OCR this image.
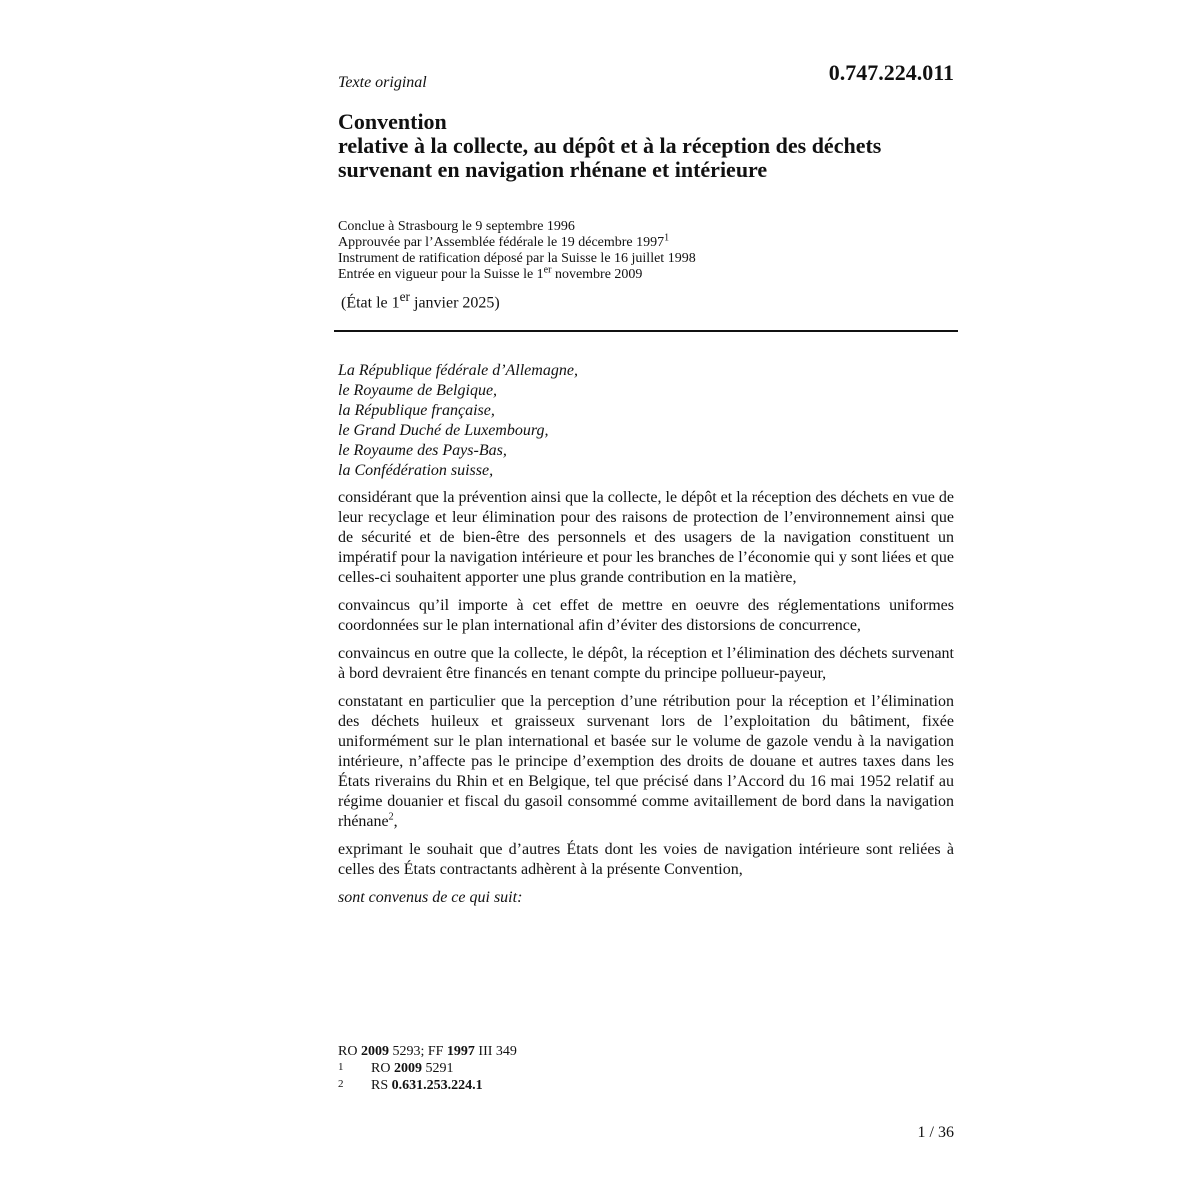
Texte original	0.747.224.011
Convention
relative à la collecte, au dépôt et à la réception des déchets
survenant en navigation rhénane et intérieure
Conclue à Strasbourg le 9 septembre 1996
Approuvée par l’Assemblée fédérale le 19 décembre 1997$^1$
Instrument de ratification déposé par la Suisse le 16 juillet 1998
Entrée en vigueur pour la Suisse le 1er novembre 2009
(État le 1er janvier 2025)
La République fédérale d’Allemagne,
le Royaume de Belgique,
la République française,
le Grand Duché de Luxembourg,
le Royaume des Pays-Bas,
la Confédération suisse,

considérant que la prévention ainsi que la collecte, le dépôt et la réception des déchets en vue de leur recyclage et leur élimination pour des raisons de protection de l’environnement ainsi que de sécurité et de bien-être des personnels et des usagers de la navigation constituent un impératif pour la navigation intérieure et pour les branches de l’économie qui y sont liées et que celles-ci souhaitent apporter une plus grande contribution en la matière,

convaincus qu’il importe à cet effet de mettre en oeuvre des réglementations uniformes coordonnées sur le plan international afin d’éviter des distorsions de concurrence,

convaincus en outre que la collecte, le dépôt, la réception et l’élimination des déchets survenant à bord devraient être financés en tenant compte du principe pollueur-payeur,

constatant en particulier que la perception d’une rétribution pour la réception et l’élimination des déchets huileux et graisseux survenant lors de l’exploitation du bâtiment, fixée uniformément sur le plan international et basée sur le volume de gazole vendu à la navigation intérieure, n’affecte pas le principe d’exemption des droits de douane et autres taxes dans les États riverains du Rhin et en Belgique, tel que précisé dans l’Accord du 16 mai 1952 relatif au régime douanier et fiscal du gasoil consommé comme avitaillement de bord dans la navigation rhénane$^2$,

exprimant le souhait que d’autres États dont les voies de navigation intérieure sont reliées à celles des États contractants adhèrent à la présente Convention,

sont convenus de ce qui suit:

RO 2009 5293; FF 1997 III 349
1 RO 2009 5291
2 RS 0.631.253.224.1
1 / 36
